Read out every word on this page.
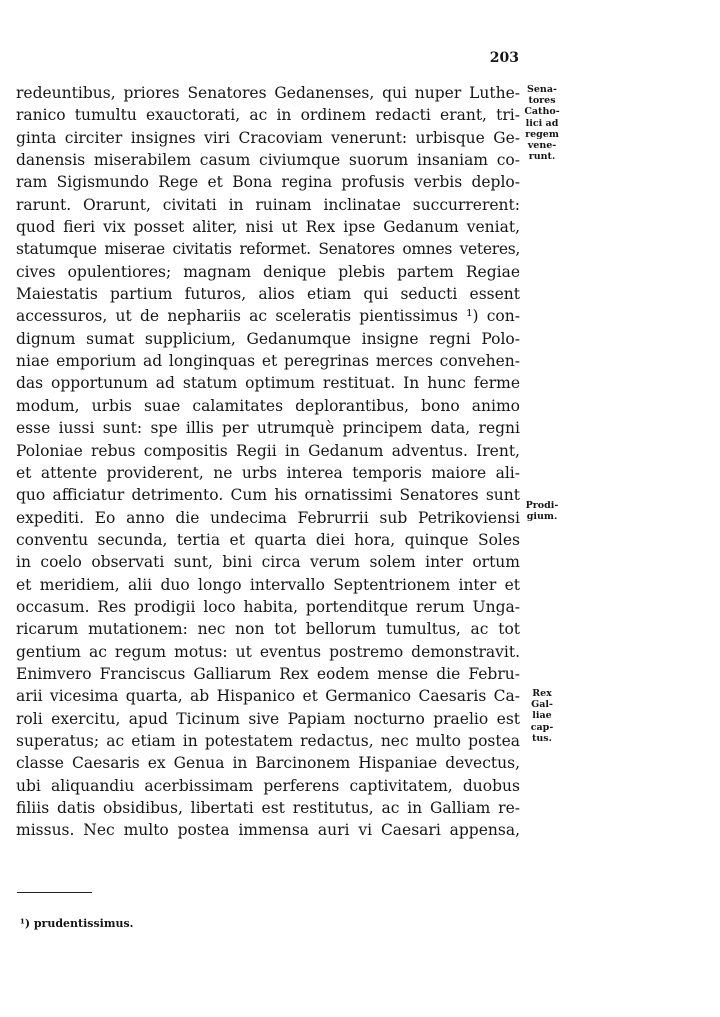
203
redeuntibus, priores Senatores Gedanenses, qui nuper Luthe-
ranico tumultu exauctorati, ac in ordinem redacti erant, tri-
ginta circiter insignes viri Cracoviam venerunt: urbisque Ge-
danensis miserabilem casum civiumque suorum insaniam co-
ram Sigismundo Rege et Bona regina profusis verbis deplo-
rarunt. Orarunt, civitati in ruinam inclinatae succurrerent:
quod fieri vix posset aliter, nisi ut Rex ipse Gedanum veniat,
statumque miserae civitatis reformet. Senatores omnes veteres,
cives opulentiores; magnam denique plebis partem Regiae
Maiestatis partium futuros, alios etiam qui seducti essent
accessuros, ut de nephariis ac sceleratis pientissimus ¹) con-
dignum sumat supplicium, Gedanumque insigne regni Polo-
niae emporium ad longinquas et peregrinas merces convehen-
das opportunum ad statum optimum restituat. In hunc ferme
modum, urbis suae calamitates deplorantibus, bono animo
esse iussi sunt: spe illis per utrumquè principem data, regni
Poloniae rebus compositis Regii in Gedanum adventus. Irent,
et attente providerent, ne urbs interea temporis maiore ali-
quo afficiatur detrimento. Cum his ornatissimi Senatores sunt
expediti. Eo anno die undecima Februrrii sub Petrikoviensi
conventu secunda, tertia et quarta diei hora, quinque Soles
in coelo observati sunt, bini circa verum solem inter ortum
et meridiem, alii duo longo intervallo Septentrionem inter et
occasum. Res prodigii loco habita, portenditque rerum Unga-
ricarum mutationem: nec non tot bellorum tumultus, ac tot
gentium ac regum motus: ut eventus postremo demonstravit.
Enimvero Franciscus Galliarum Rex eodem mense die Febru-
arii vicesima quarta, ab Hispanico et Germanico Caesaris Ca-
roli exercitu, apud Ticinum sive Papiam nocturno praelio est
superatus; ac etiam in potestatem redactus, nec multo postea
classe Caesaris ex Genua in Barcinonem Hispaniae devectus,
ubi aliquandiu acerbissimam perferens captivitatem, duobus
filiis datis obsidibus, libertati est restitutus, ac in Galliam re-
missus. Nec multo postea immensa auri vi Caesari appensa,
Sena-
tores
Catho-
lici ad
regem
vene-
runt.
Prodi-
gium.
Rex
Gal-
liae
cap-
tus.
¹) prudentissimus.
